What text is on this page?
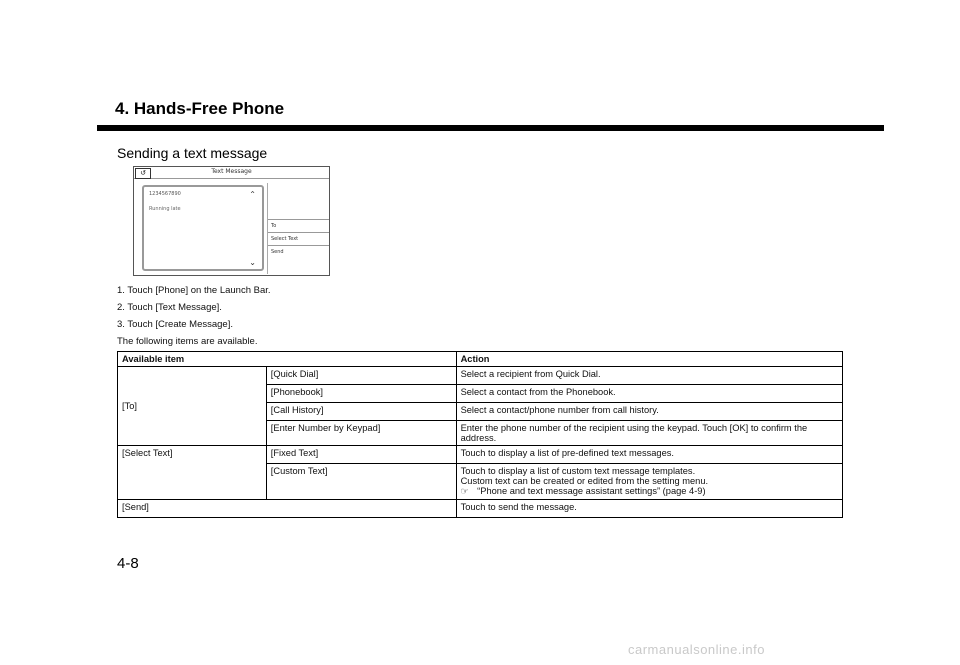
4. Hands-Free Phone
Sending a text message
↺	Text Message
1234567890
Running late
⌃
⌄
To
Select Text
Send
1. Touch [Phone] on the Launch Bar.
2. Touch [Text Message].
3. Touch [Create Message].
The following items are available.
Available item		Action
[To]	[Quick Dial]	Select a recipient from Quick Dial.
	[Phonebook]	Select a contact from the Phonebook.
	[Call History]	Select a contact/phone number from call history.
	[Enter Number by Keypad]	Enter the phone number of the recipient using the keypad. Touch [OK] to confirm the address.
[Select Text]	[Fixed Text]	Touch to display a list of pre-defined text messages.
	[Custom Text]	Touch to display a list of custom text message templates.
Custom text can be created or edited from the setting menu.
☞ “Phone and text message assistant settings” (page 4-9)

[Send]		Touch to send the message.
4-8
carmanualsonline.info
